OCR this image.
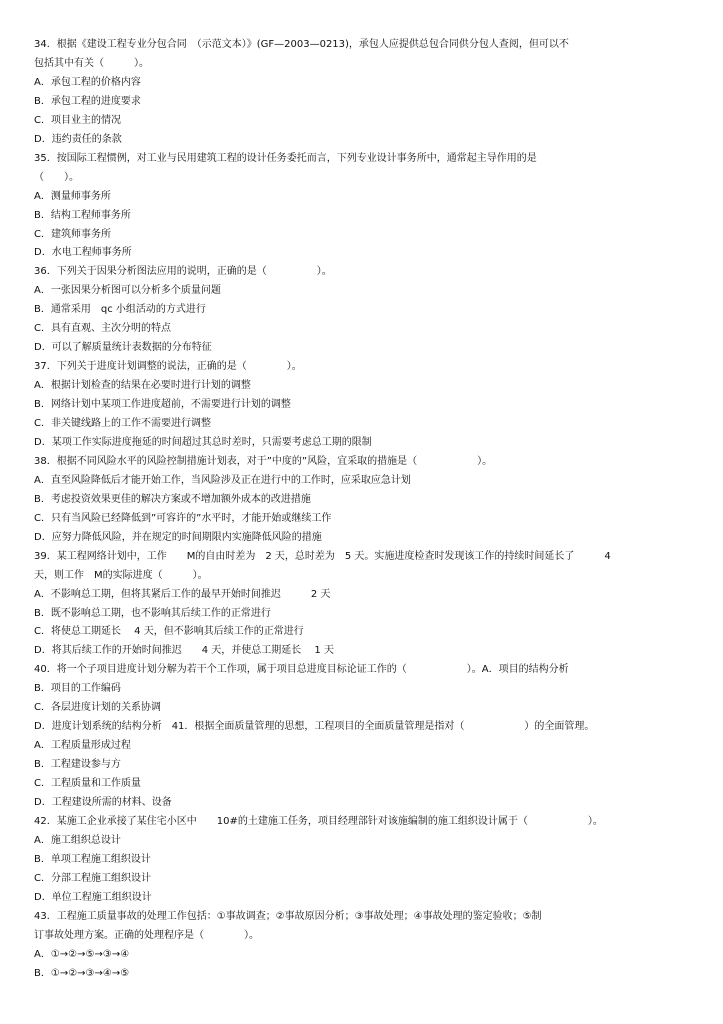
34．根据《建设工程专业分包合同　（示范文本）》(GF—2003—0213)，承包人应提供总包合同供分包人查阅，但可以不
包括其中有关（　　　）。
A．承包工程的价格内容
B．承包工程的进度要求
C．项目业主的情况
D．违约责任的条款
35．按国际工程惯例，对工业与民用建筑工程的设计任务委托而言，下列专业设计事务所中，通常起主导作用的是
（　　）。
A．测量师事务所
B．结构工程师事务所
C．建筑师事务所
D．水电工程师事务所
36．下列关于因果分析图法应用的说明，正确的是（　　　　　）。
A．一张因果分析图可以分析多个质量问题
B．通常采用　qc 小组活动的方式进行
C．具有直观、主次分明的特点
D．可以了解质量统计表数据的分布特征
37．下列关于进度计划调整的说法，正确的是（　　　　）。
A．根据计划检查的结果在必要时进行计划的调整
B．网络计划中某项工作进度超前，不需要进行计划的调整
C．非关键线路上的工作不需要进行调整
D．某项工作实际进度拖延的时间超过其总时差时，只需要考虑总工期的限制
38．根据不同风险水平的风险控制措施计划表，对于”中度的”风险，宜采取的措施是（　　　　　　）。
A．直至风险降低后才能开始工作，当风险涉及正在进行中的工作时，应采取应急计划
B．考虑投资效果更佳的解决方案或不增加额外成本的改进措施
C．只有当风险已经降低到”可容许的”水平时，才能开始或继续工作
D．应努力降低风险，并在规定的时间期限内实施降低风险的措施
39．某工程网络计划中，工作　　M的自由时差为　2 天，总时差为　5 天。实施进度检查时发现该工作的持续时间延长了　　　4
天，则工作　M的实际进度（　　　）。
A．不影响总工期，但将其紧后工作的最早开始时间推迟　　　2 天
B．既不影响总工期，也不影响其后续工作的正常进行
C．将使总工期延长　 4 天，但不影响其后续工作的正常进行
D．将其后续工作的开始时间推迟　　4 天，并使总工期延长　 1 天
40．将一个子项目进度计划分解为若干个工作项，属于项目总进度目标论证工作的（　　　　　　）。A．项目的结构分析
B．项目的工作编码
C．各层进度计划的关系协调
D．进度计划系统的结构分析　41．根据全面质量管理的思想，工程项目的全面质量管理是指对（　　　　　　）的全面管理。
A．工程质量形成过程
B．工程建设参与方
C．工程质量和工作质量
D．工程建设所需的材料、设备
42．某施工企业承接了某住宅小区中　　10#的土建施工任务，项目经理部针对该施编制的施工组织设计属于（　　　　　　）。
A．施工组织总设计
B．单项工程施工组织设计
C．分部工程施工组织设计
D．单位工程施工组织设计
43．工程施工质量事故的处理工作包括：①事故调查；②事故原因分析；③事故处理；④事故处理的鉴定验收；⑤制
订事故处理方案。正确的处理程序是（　　　　）。
A．①→②→⑤→③→④
B．①→②→③→④→⑤
